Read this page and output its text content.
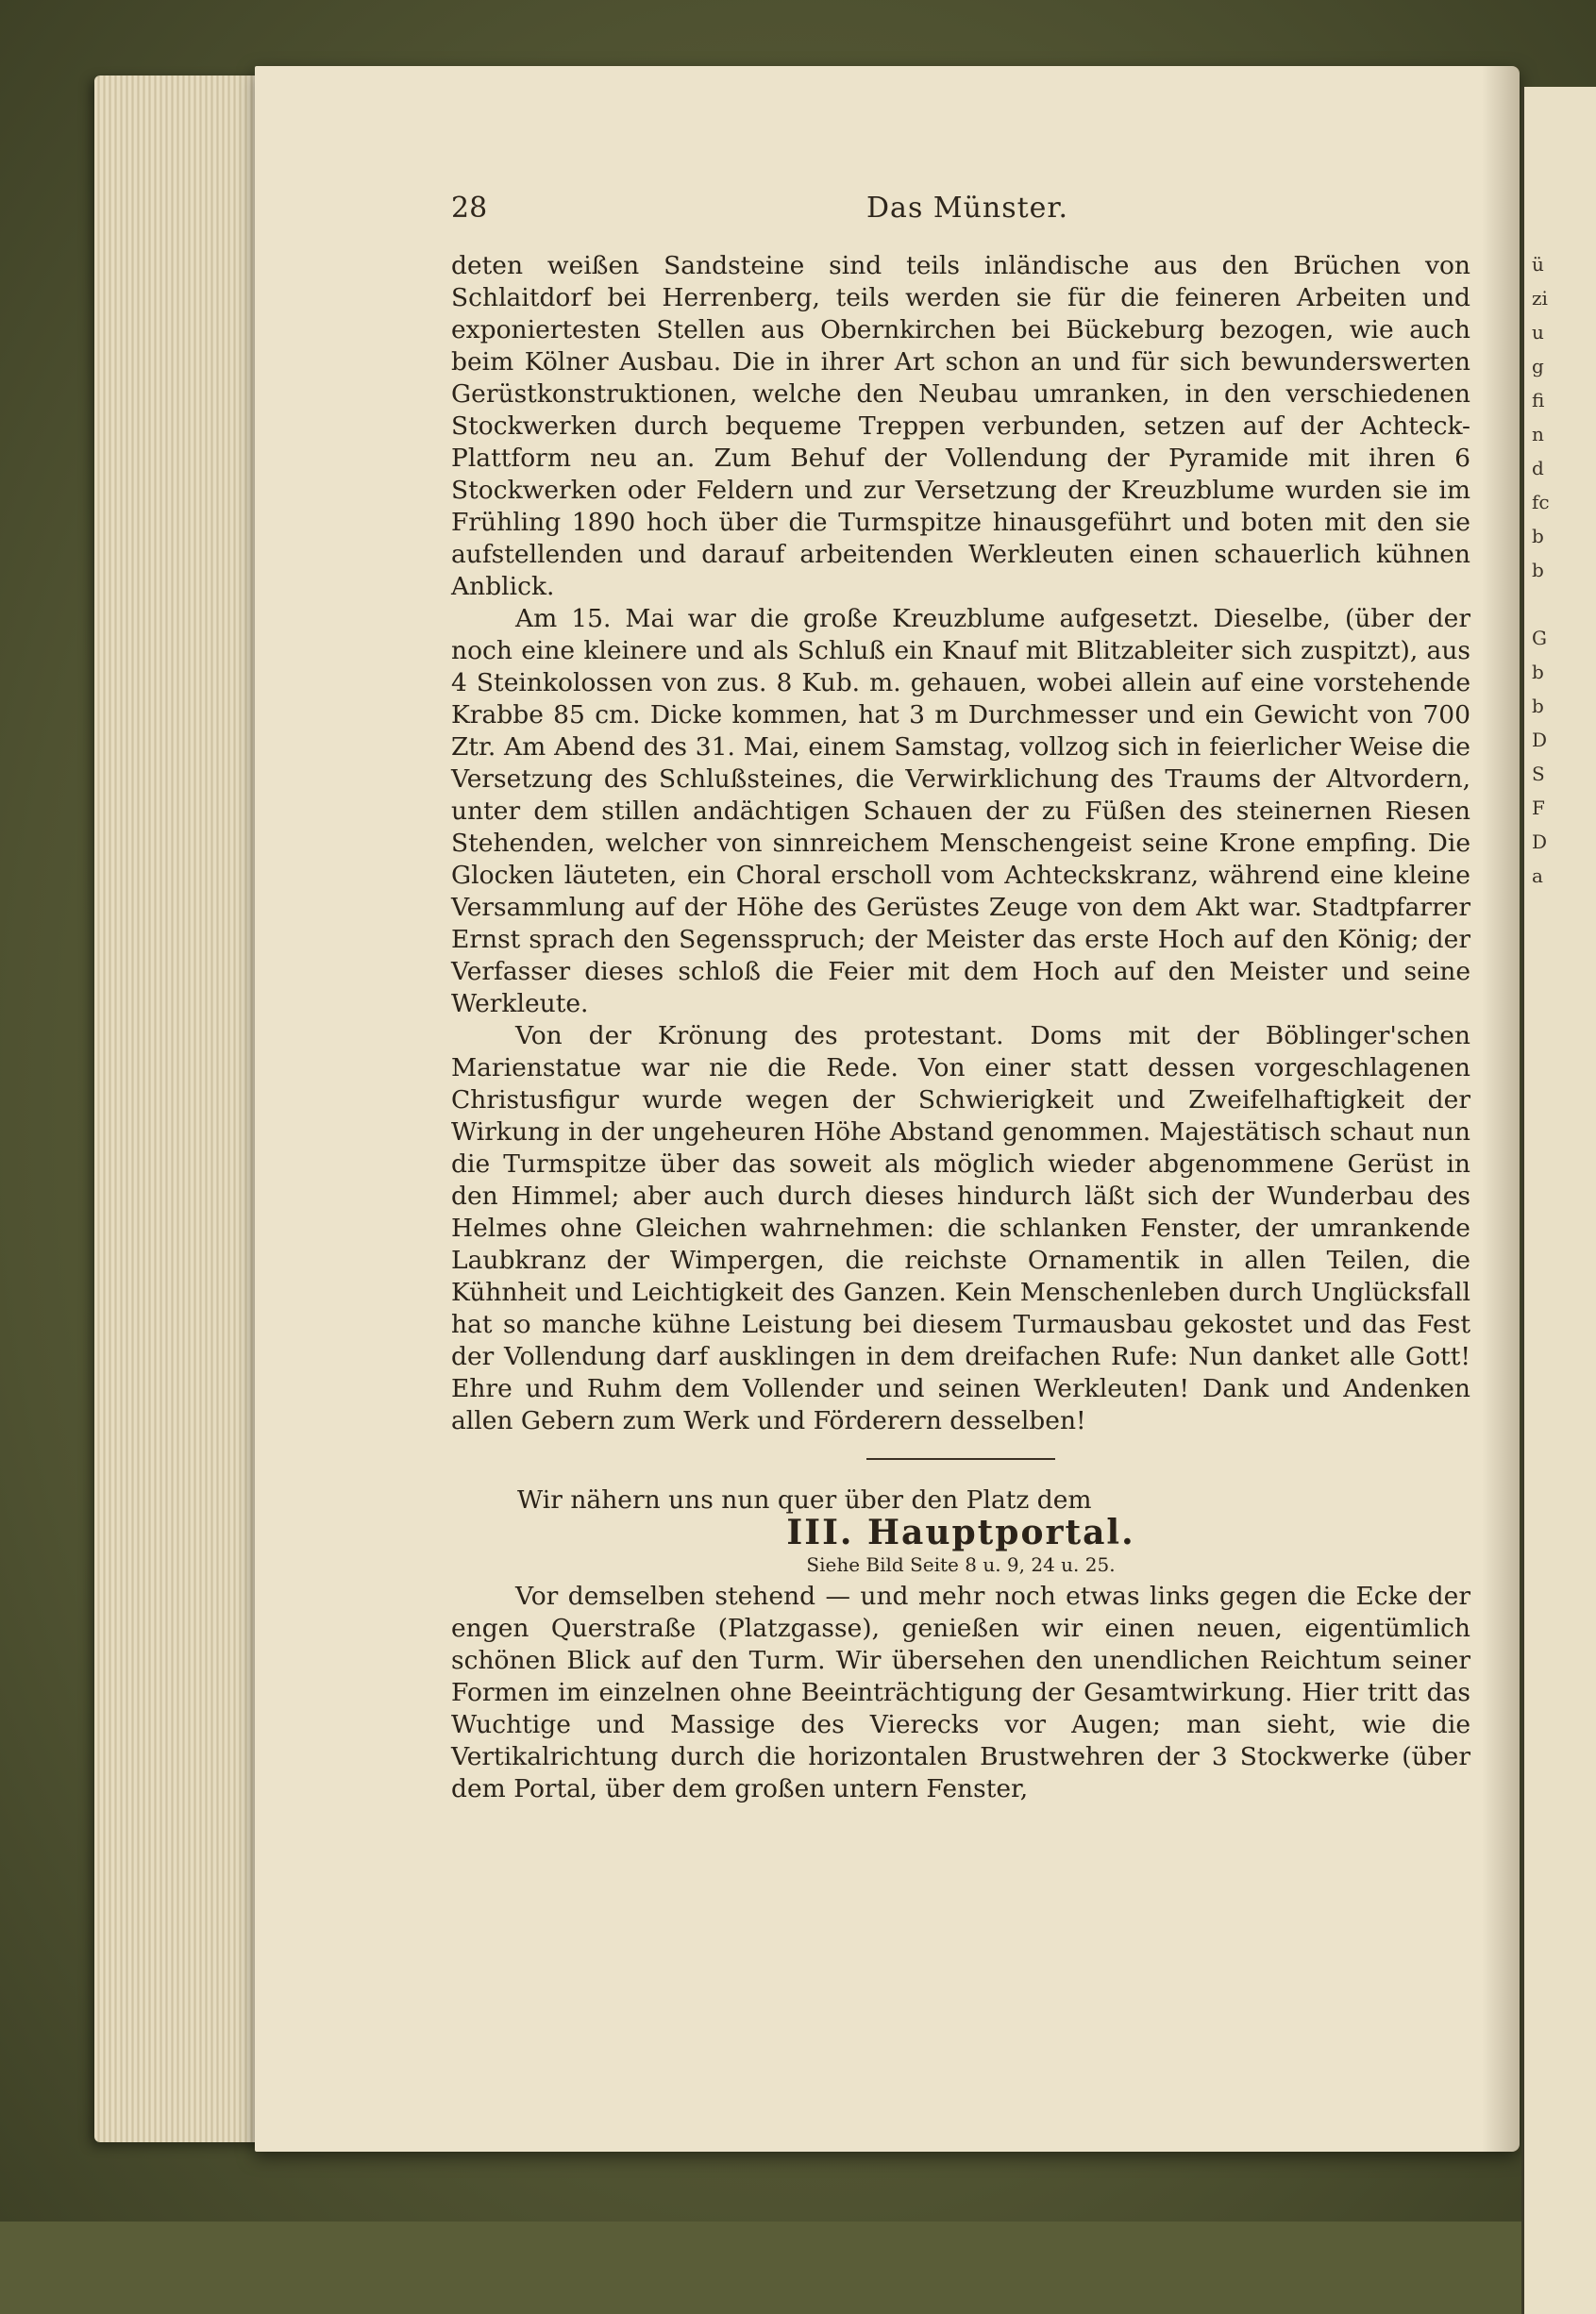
ü
zi
u
g
fi
n
d
fc
b
b
G
b
b
D
S
F
D
a
28	Das Münster.

deten weißen Sandsteine sind teils inländische aus den Brüchen von Schlaitdorf bei Herrenberg, teils werden sie für die feineren Arbeiten und exponiertesten Stellen aus Obernkirchen bei Bückeburg bezogen, wie auch beim Kölner Ausbau. Die in ihrer Art schon an und für sich bewunderswerten Gerüstkonstruktionen, welche den Neubau umranken, in den verschiedenen Stockwerken durch bequeme Treppen verbunden, setzen auf der Achteck-Plattform neu an. Zum Behuf der Vollendung der Pyramide mit ihren 6 Stockwerken oder Feldern und zur Versetzung der Kreuzblume wurden sie im Frühling 1890 hoch über die Turmspitze hinausgeführt und boten mit den sie aufstellenden und darauf arbeitenden Werkleuten einen schauerlich kühnen Anblick.

Am 15. Mai war die große Kreuzblume aufgesetzt. Dieselbe, (über der noch eine kleinere und als Schluß ein Knauf mit Blitzableiter sich zuspitzt), aus 4 Steinkolossen von zus. 8 Kub. m. gehauen, wobei allein auf eine vorstehende Krabbe 85 cm. Dicke kommen, hat 3 m Durchmesser und ein Gewicht von 700 Ztr. Am Abend des 31. Mai, einem Samstag, vollzog sich in feierlicher Weise die Versetzung des Schlußsteines, die Verwirklichung des Traums der Altvordern, unter dem stillen andächtigen Schauen der zu Füßen des steinernen Riesen Stehenden, welcher von sinnreichem Menschengeist seine Krone empfing. Die Glocken läuteten, ein Choral erscholl vom Achteckskranz, während eine kleine Versammlung auf der Höhe des Gerüstes Zeuge von dem Akt war. Stadtpfarrer Ernst sprach den Segensspruch; der Meister das erste Hoch auf den König; der Verfasser dieses schloß die Feier mit dem Hoch auf den Meister und seine Werkleute.

Von der Krönung des protestant. Doms mit der Böblinger'schen Marienstatue war nie die Rede. Von einer statt dessen vorgeschlagenen Christusfigur wurde wegen der Schwierigkeit und Zweifelhaftigkeit der Wirkung in der ungeheuren Höhe Abstand genommen. Majestätisch schaut nun die Turmspitze über das soweit als möglich wieder abgenommene Gerüst in den Himmel; aber auch durch dieses hindurch läßt sich der Wunderbau des Helmes ohne Gleichen wahrnehmen: die schlanken Fenster, der umrankende Laubkranz der Wimpergen, die reichste Ornamentik in allen Teilen, die Kühnheit und Leichtigkeit des Ganzen. Kein Menschenleben durch Unglücksfall hat so manche kühne Leistung bei diesem Turmausbau gekostet und das Fest der Vollendung darf ausklingen in dem dreifachen Rufe: Nun danket alle Gott! Ehre und Ruhm dem Vollender und seinen Werkleuten! Dank und Andenken allen Gebern zum Werk und Förderern desselben!

Wir nähern uns nun quer über den Platz dem

III. Hauptportal.

Siehe Bild Seite 8 u. 9, 24 u. 25.

Vor demselben stehend — und mehr noch etwas links gegen die Ecke der engen Querstraße (Platzgasse), genießen wir einen neuen, eigentümlich schönen Blick auf den Turm. Wir übersehen den unendlichen Reichtum seiner Formen im einzelnen ohne Beeinträchtigung der Gesamtwirkung. Hier tritt das Wuchtige und Massige des Vierecks vor Augen; man sieht, wie die Vertikalrichtung durch die horizontalen Brustwehren der 3 Stockwerke (über dem Portal, über dem großen untern Fenster,
